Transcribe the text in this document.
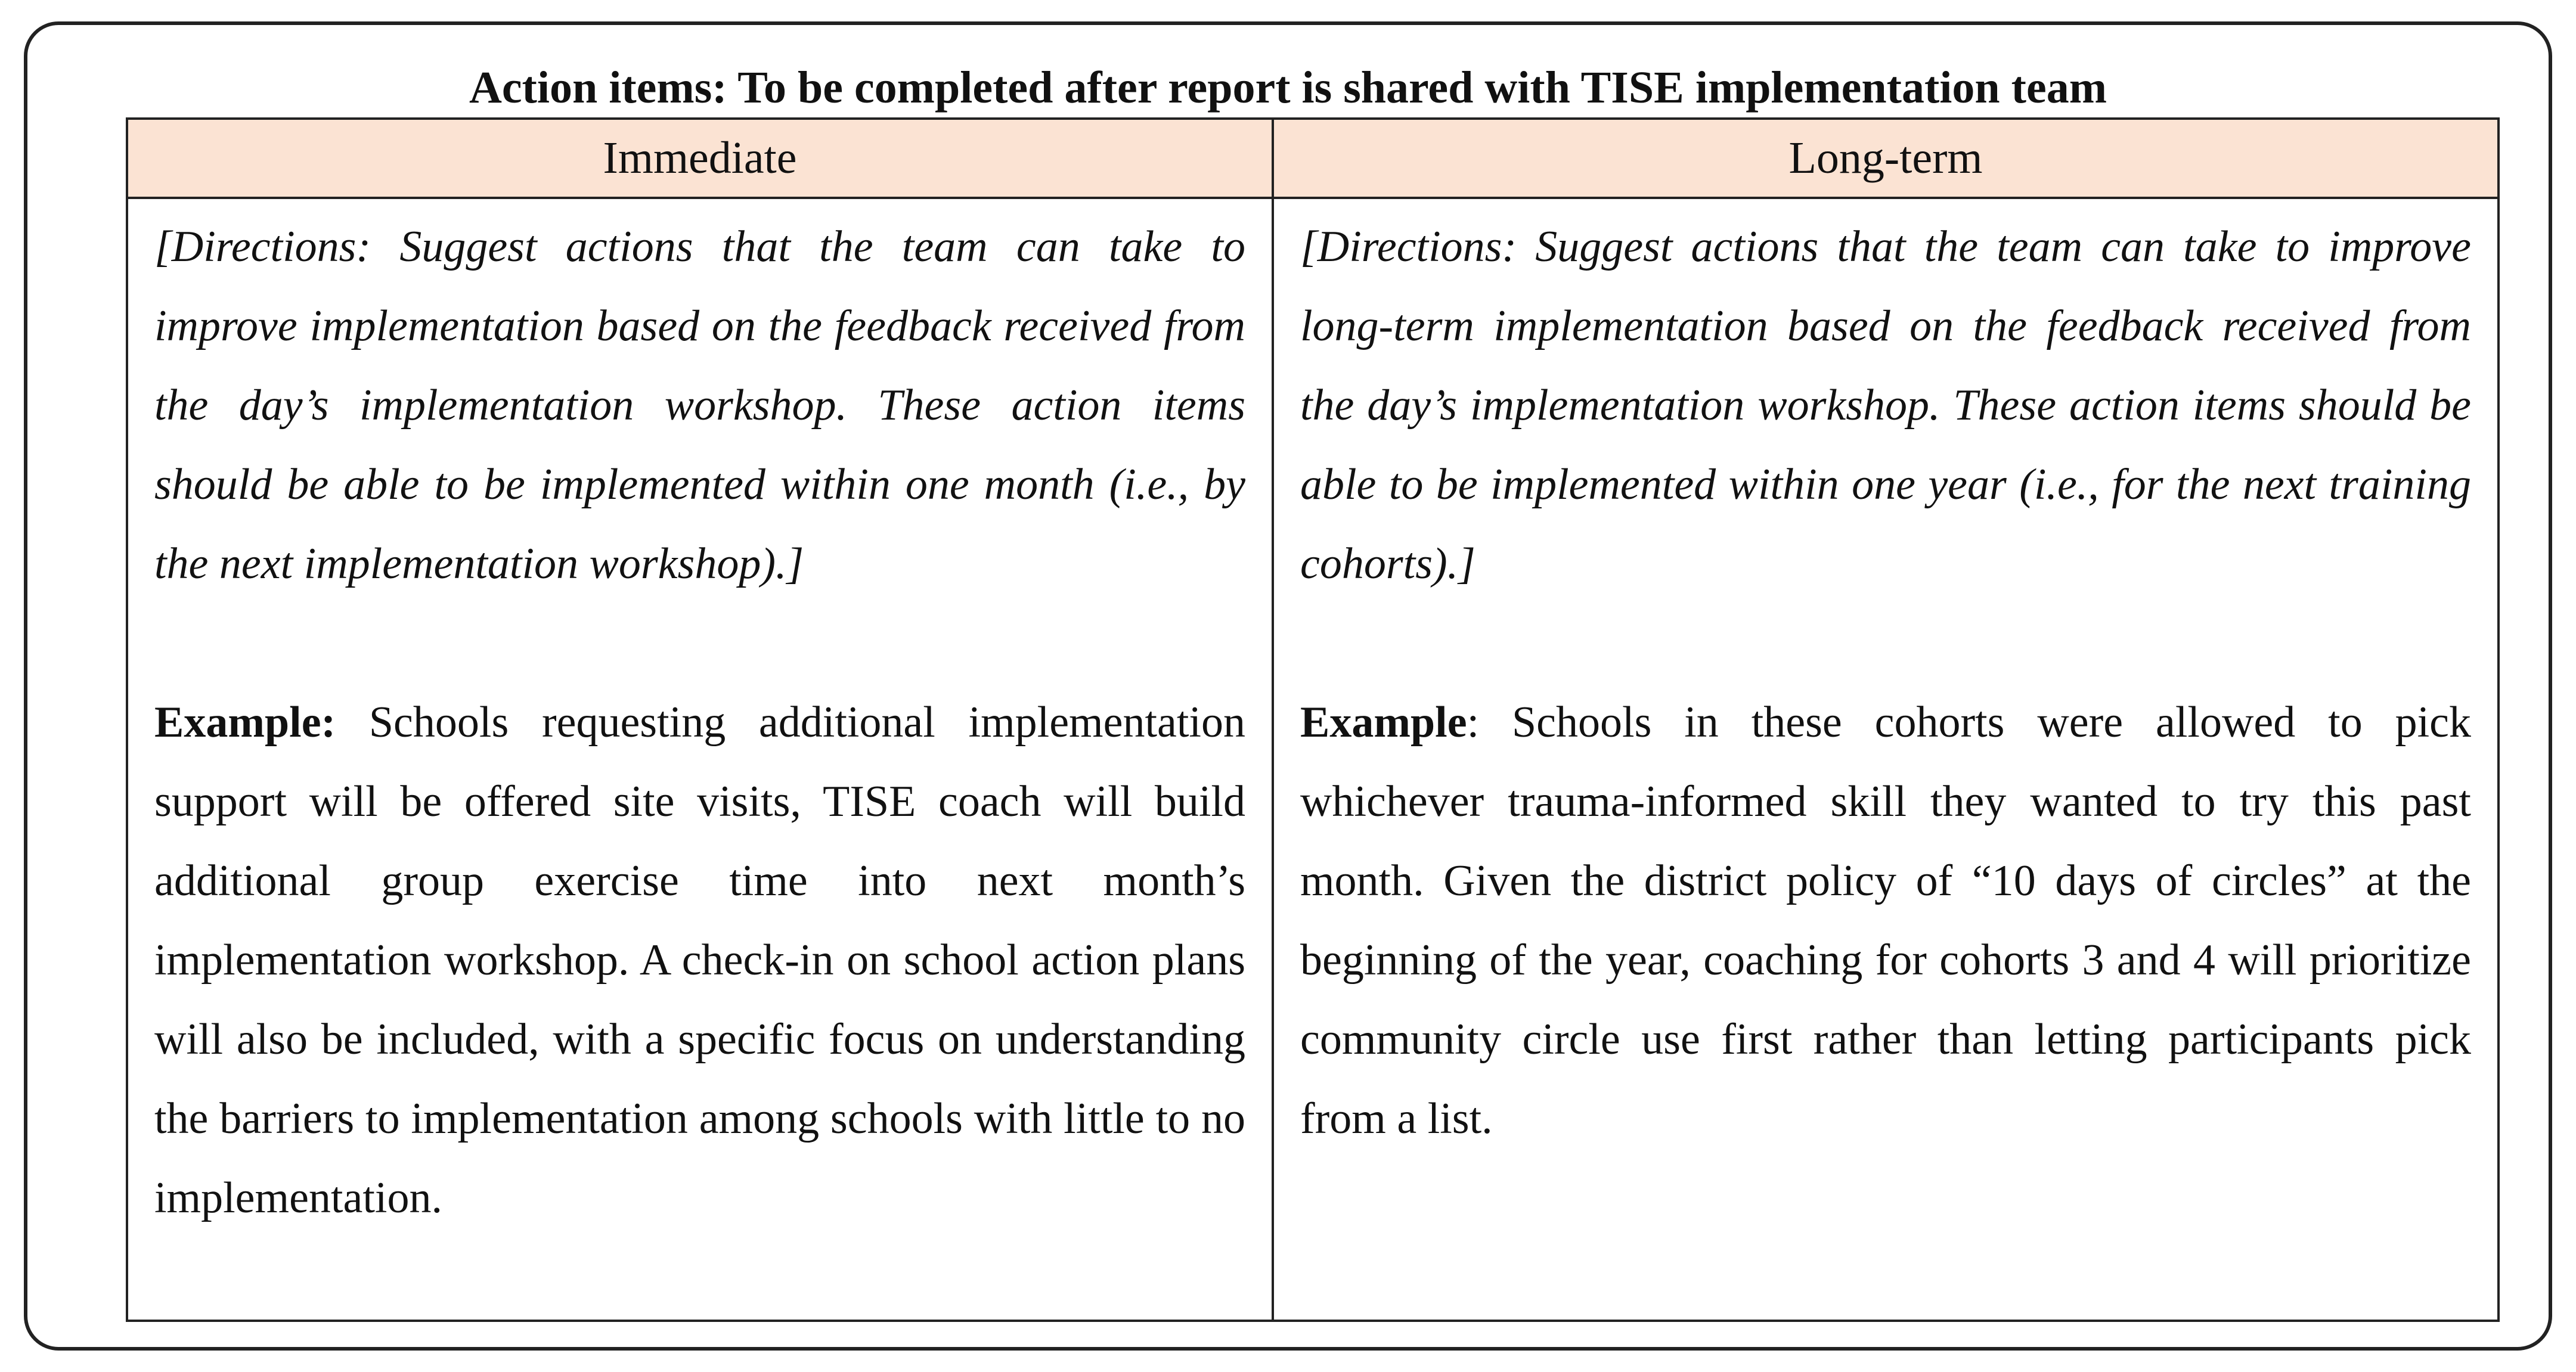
Action items: To be completed after report is shared with TISE implementation team
Immediate	Long-term

[Directions: Suggest actions that the team can take to improve implementation based on the feedback received from the day’s implementation workshop. These action items should be able to be implemented within one month (i.e., by the next implementation workshop).]

Example: Schools requesting additional implementation support will be offered site visits, TISE coach will build additional group exercise time into next month’s implementation workshop. A check-in on school action plans will also be included, with a specific focus on understanding the barriers to implementation among schools with little to no implementation.

[Directions: Suggest actions that the team can take to improve long-term implementation based on the feedback received from the day’s implementation workshop. These action items should be able to be implemented within one year (i.e., for the next training cohorts).]

Example: Schools in these cohorts were allowed to pick whichever trauma-informed skill they wanted to try this past month. Given the district policy of “10 days of circles” at the beginning of the year, coaching for cohorts 3 and 4 will prioritize community circle use first rather than letting participants pick from a list.
